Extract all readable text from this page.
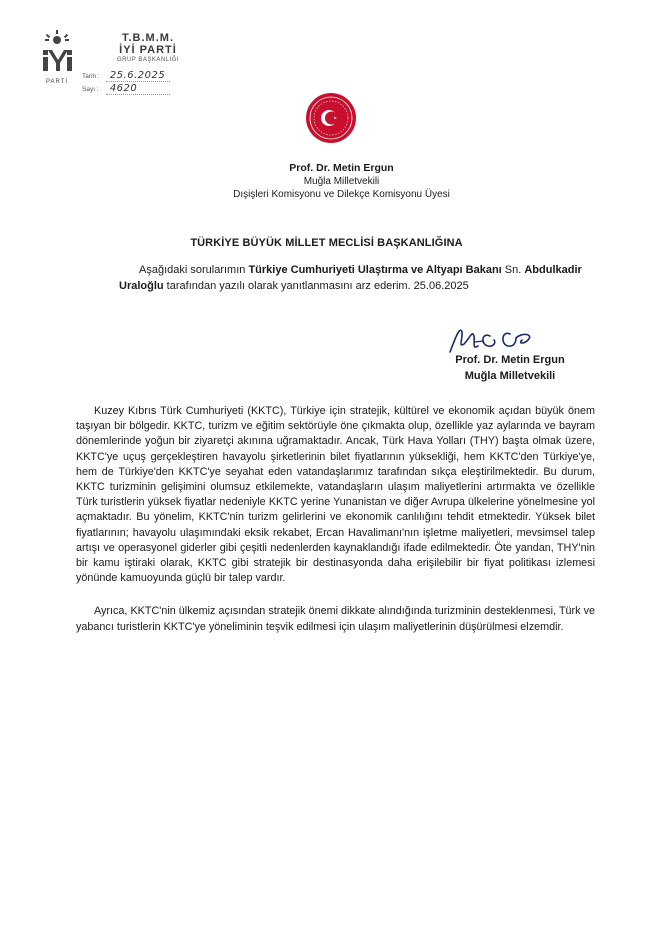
PARTİ
T.B.M.M.
İYİ PARTİ
GRUP BAŞKANLIĞI
Tarih : 25.6.2025
Sayı : 4620
Prof. Dr. Metin Ergun
Muğla Milletvekili
Dışişleri Komisyonu ve Dilekçe Komisyonu Üyesi
TÜRKİYE BÜYÜK MİLLET MECLİSİ BAŞKANLIĞINA
Aşağıdaki sorularımın Türkiye Cumhuriyeti Ulaştırma ve Altyapı Bakanı Sn. Abdulkadir Uraloğlu tarafından yazılı olarak yanıtlanmasını arz ederim. 25.06.2025
Prof. Dr. Metin Ergun
Muğla Milletvekili

Kuzey Kıbrıs Türk Cumhuriyeti (KKTC), Türkiye için stratejik, kültürel ve ekonomik açıdan büyük önem taşıyan bir bölgedir. KKTC, turizm ve eğitim sektörüyle öne çıkmakta olup, özellikle yaz aylarında ve bayram dönemlerinde yoğun bir ziyaretçi akınına uğramaktadır. Ancak, Türk Hava Yolları (THY) başta olmak üzere, KKTC'ye uçuş gerçekleştiren havayolu şirketlerinin bilet fiyatlarının yüksekliği, hem KKTC'den Türkiye'ye, hem de Türkiye'den KKTC'ye seyahat eden vatandaşlarımız tarafından sıkça eleştirilmektedir. Bu durum, KKTC turizminin gelişimini olumsuz etkilemekte, vatandaşların ulaşım maliyetlerini artırmakta ve özellikle Türk turistlerin yüksek fiyatlar nedeniyle KKTC yerine Yunanistan ve diğer Avrupa ülkelerine yönelmesine yol açmaktadır. Bu yönelim, KKTC'nin turizm gelirlerini ve ekonomik canlılığını tehdit etmektedir. Yüksek bilet fiyatlarının; havayolu ulaşımındaki eksik rekabet, Ercan Havalimanı'nın işletme maliyetleri, mevsimsel talep artışı ve operasyonel giderler gibi çeşitli nedenlerden kaynaklandığı ifade edilmektedir. Öte yandan, THY'nin bir kamu iştiraki olarak, KKTC gibi stratejik bir destinasyonda daha erişilebilir bir fiyat politikası izlemesi yönünde kamuoyunda güçlü bir talep vardır.

Ayrıca, KKTC'nin ülkemiz açısından stratejik önemi dikkate alındığında turizminin desteklenmesi, Türk ve yabancı turistlerin KKTC'ye yöneliminin teşvik edilmesi için ulaşım maliyetlerinin düşürülmesi elzemdir.
